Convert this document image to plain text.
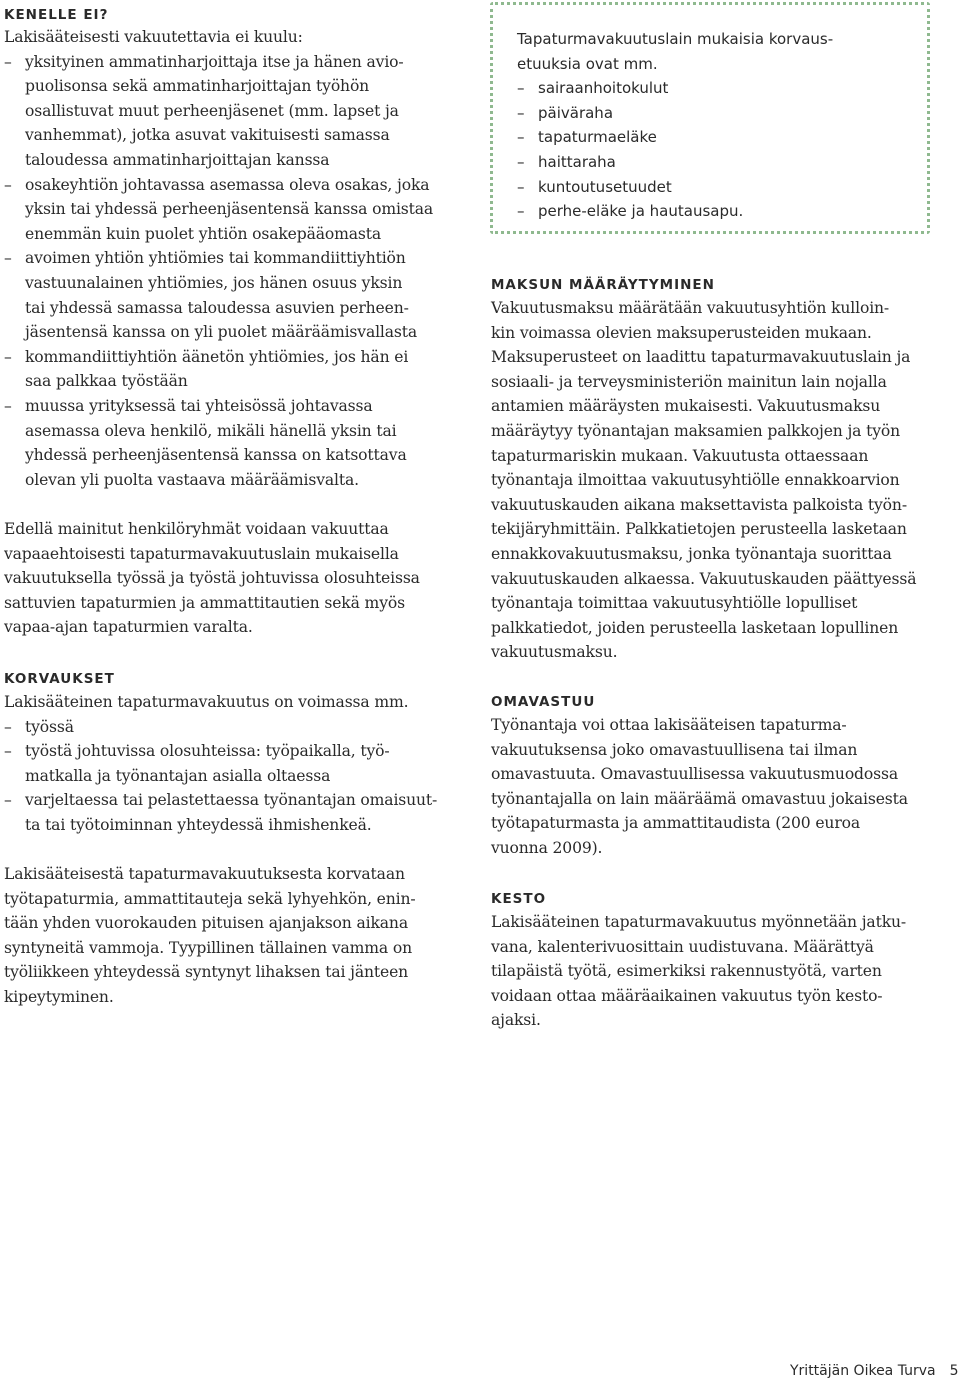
KENELLE EI?

Lakisääteisesti vakuutettavia ei kuulu:

– yksityinen ammatinharjoittaja itse ja hänen avio-
puolisonsa sekä ammatinharjoittajan työhön
osallistuvat muut perheenjäsenet (mm. lapset ja
vanhemmat), jotka asuvat vakituisesti samassa
taloudessa ammatinharjoittajan kanssa
– osakeyhtiön johtavassa asemassa oleva osakas, joka
yksin tai yhdessä perheenjäsentensä kanssa omistaa
enemmän kuin puolet yhtiön osakepääomasta
– avoimen yhtiön yhtiömies tai kommandiittiyhtiön
vastuunalainen yhtiömies, jos hänen osuus yksin
tai yhdessä samassa taloudessa asuvien perheen-
jäsentensä kanssa on yli puolet määräämisvallasta
– kommandiittiyhtiön äänetön yhtiömies, jos hän ei
saa palkkaa työstään
– muussa yrityksessä tai yhteisössä johtavassa
asemassa oleva henkilö, mikäli hänellä yksin tai
yhdessä perheenjäsentensä kanssa on katsottava
olevan yli puolta vastaava määräämisvalta.
Edellä mainitut henkilöryhmät voidaan vakuuttaa
vapaaehtoisesti tapaturmavakuutuslain mukaisella
vakuutuksella työssä ja työstä johtuvissa olosuhteissa
sattuvien tapaturmien ja ammattitautien sekä myös
vapaa-ajan tapaturmien varalta.
KORVAUKSET

Lakisääteinen tapaturmavakuutus on voimassa mm.

– työssä
– työstä johtuvissa olosuhteissa: työpaikalla, työ-
matkalla ja työnantajan asialla oltaessa
– varjeltaessa tai pelastettaessa työnantajan omaisuut-
ta tai työtoiminnan yhteydessä ihmishenkeä.
Lakisääteisestä tapaturmavakuutuksesta korvataan
työtapaturmia, ammattitauteja sekä lyhyehkön, enin-
tään yhden vuorokauden pituisen ajanjakson aikana
syntyneitä vammoja. Tyypillinen tällainen vamma on
työliikkeen yhteydessä syntynyt lihaksen tai jänteen
kipeytyminen.
Tapaturmavakuutuslain mukaisia korvaus-
etuuksia ovat mm.
– sairaanhoitokulut
– päiväraha
– tapaturmaeläke
– haittaraha
– kuntoutusetuudet
– perhe-eläke ja hautausapu.
MAKSUN MÄÄRÄYTYMINEN
Vakuutusmaksu määrätään vakuutusyhtiön kulloin-
kin voimassa olevien maksuperusteiden mukaan.
Maksuperusteet on laadittu tapaturmavakuutuslain ja
sosiaali- ja terveysministeriön mainitun lain nojalla
antamien määräysten mukaisesti. Vakuutusmaksu
määräytyy työnantajan maksamien palkkojen ja työn
tapaturmariskin mukaan. Vakuutusta ottaessaan
työnantaja ilmoittaa vakuutusyhtiölle ennakkoarvion
vakuutuskauden aikana maksettavista palkoista työn-
tekijäryhmittäin. Palkkatietojen perusteella lasketaan
ennakkovakuutusmaksu, jonka työnantaja suorittaa
vakuutuskauden alkaessa. Vakuutuskauden päättyessä
työnantaja toimittaa vakuutusyhtiölle lopulliset
palkkatiedot, joiden perusteella lasketaan lopullinen
vakuutusmaksu.
OMAVASTUU
Työnantaja voi ottaa lakisääteisen tapaturma-
vakuutuksensa joko omavastuullisena tai ilman
omavastuuta. Omavastuullisessa vakuutusmuodossa
työnantajalla on lain määräämä omavastuu jokaisesta
työtapaturmasta ja ammattitaudista (200 euroa
vuonna 2009).
KESTO
Lakisääteinen tapaturmavakuutus myönnetään jatku-
vana, kalenterivuosittain uudistuvana. Määrättyä
tilapäistä työtä, esimerkiksi rakennustyötä, varten
voidaan ottaa määräaikainen vakuutus työn kesto-
ajaksi.
Yrittäjän Oikea Turva 5
